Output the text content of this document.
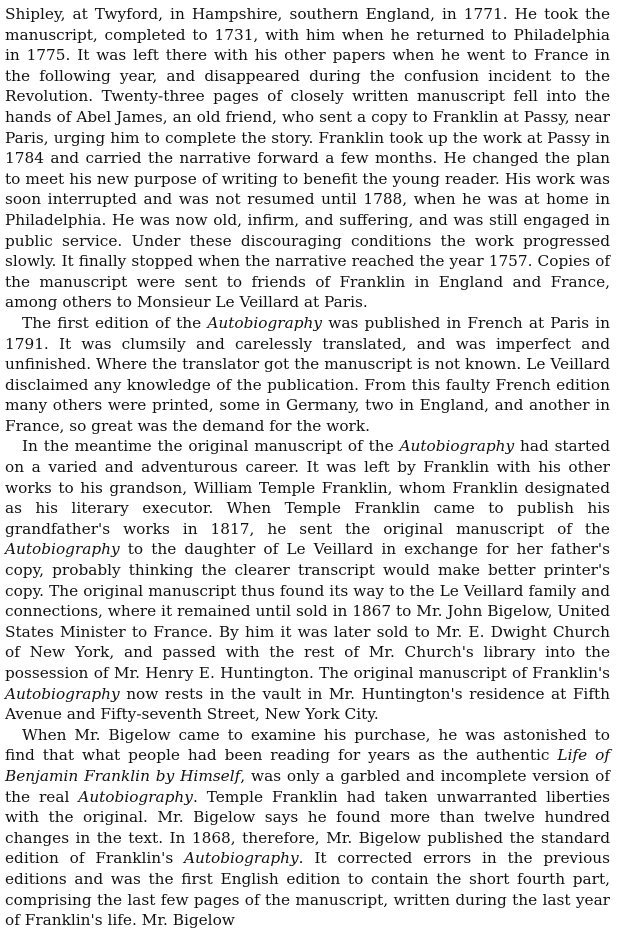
Shipley, at Twyford, in Hampshire, southern England, in 1771. He took the manuscript, completed to 1731, with him when he returned to Philadelphia in 1775. It was left there with his other papers when he went to France in the following year, and disappeared during the confusion incident to the Revolution. Twenty-three pages of closely written manuscript fell into the hands of Abel James, an old friend, who sent a copy to Franklin at Passy, near Paris, urging him to complete the story. Franklin took up the work at Passy in 1784 and carried the narrative forward a few months. He changed the plan to meet his new purpose of writing to benefit the young reader. His work was soon interrupted and was not resumed until 1788, when he was at home in Philadelphia. He was now old, infirm, and suffering, and was still engaged in public service. Under these discouraging conditions the work progressed slowly. It finally stopped when the narrative reached the year 1757. Copies of the manuscript were sent to friends of Franklin in England and France, among others to Monsieur Le Veillard at Paris.

The first edition of the Autobiography was published in French at Paris in 1791. It was clumsily and carelessly translated, and was imperfect and unfinished. Where the translator got the manuscript is not known. Le Veillard disclaimed any knowledge of the publication. From this faulty French edition many others were printed, some in Germany, two in England, and another in France, so great was the demand for the work.

In the meantime the original manuscript of the Autobiography had started on a varied and adventurous career. It was left by Franklin with his other works to his grandson, William Temple Franklin, whom Franklin designated as his literary executor. When Temple Franklin came to publish his grandfather's works in 1817, he sent the original manuscript of the Autobiography to the daughter of Le Veillard in exchange for her father's copy, probably thinking the clearer transcript would make better printer's copy. The original manuscript thus found its way to the Le Veillard family and connections, where it remained until sold in 1867 to Mr. John Bigelow, United States Minister to France. By him it was later sold to Mr. E. Dwight Church of New York, and passed with the rest of Mr. Church's library into the possession of Mr. Henry E. Huntington. The original manuscript of Franklin's Autobiography now rests in the vault in Mr. Huntington's residence at Fifth Avenue and Fifty-seventh Street, New York City.

When Mr. Bigelow came to examine his purchase, he was astonished to find that what people had been reading for years as the authentic Life of Benjamin Franklin by Himself, was only a garbled and incomplete version of the real Autobiography. Temple Franklin had taken unwarranted liberties with the original. Mr. Bigelow says he found more than twelve hundred changes in the text. In 1868, therefore, Mr. Bigelow published the standard edition of Franklin's Autobiography. It corrected errors in the previous editions and was the first English edition to contain the short fourth part, comprising the last few pages of the manuscript, written during the last year of Franklin's life. Mr. Bigelow
